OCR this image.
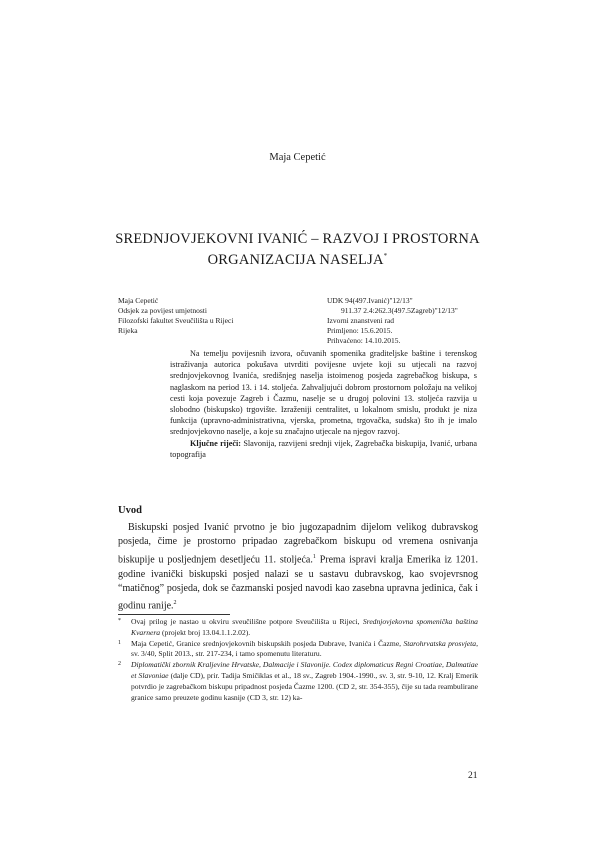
Maja Cepetić
SREDNJOVJEKOVNI IVANIĆ – RAZVOJ I PROSTORNA
ORGANIZACIJA NASELJA*
Maja Cepetić
Odsjek za povijest umjetnosti
Filozofski fakultet Sveučilišta u Rijeci
Rijeka
UDK 94(497.Ivanić)"12/13"
911.37 2.4:262.3(497.5Zagreb)"12/13"
Izvorni znanstveni rad
Primljeno: 15.6.2015.
Prihvaćeno: 14.10.2015.

Na temelju povijesnih izvora, očuvanih spomenika graditeljske baštine i terenskog istraživanja autorica pokušava utvrditi povijesne uvjete koji su utjecali na razvoj srednjovjekovnog Ivanića, središnjeg naselja istoimenog posjeda zagrebačkog biskupa, s naglaskom na period 13. i 14. stoljeća. Zahvaljujući dobrom prostornom položaju na velikoj cesti koja povezuje Zagreb i Čazmu, naselje se u drugoj polovini 13. stoljeća razvija u slobodno (biskupsko) trgovište. Izraženiji centralitet, u lokalnom smislu, produkt je niza funkcija (upravno-administrativna, vjerska, prometna, trgovačka, sudska) što ih je imalo srednjovjekovno naselje, a koje su značajno utjecale na njegov razvoj.

Ključne riječi: Slavonija, razvijeni srednji vijek, Zagrebačka biskupija, Ivanić, urbana topografija
Uvod

Biskupski posjed Ivanić prvotno je bio jugozapadnim dijelom velikog dubravskog posjeda, čime je prostorno pripadao zagrebačkom biskupu od vremena osnivanja biskupije u posljednjem desetljeću 11. stoljeća.$^1$ Prema ispravi kralja Emerika iz 1201. godine ivanički biskupski posjed nalazi se u sastavu dubravskog, kao svojevrsnog “matičnog” posjeda, dok se čazmanski posjed navodi kao zasebna upravna jedinica, čak i godinu ranije.$^2$

* Ovaj prilog je nastao u okviru sveučilišne potpore Sveučilišta u Rijeci, Srednjovjekovna spomenička baština Kvarnera (projekt broj 13.04.1.1.2.02).

1 Maja Cepetić, Granice srednjovjekovnih biskupskih posjeda Dubrave, Ivanića i Čazme, Starohrvatska prosvjeta, sv. 3/40, Split 2013., str. 217-234, i tamo spomenutu literaturu.

2 Diplomatički zbornik Kraljevine Hrvatske, Dalmacije i Slavonije. Codex diplomaticus Regni Croatiae, Dalmatiae et Slavoniae (dalje CD), prir. Tadija Smičiklas et al., 18 sv., Zagreb 1904.-1990., sv. 3, str. 9-10, 12. Kralj Emerik potvrdio je zagrebačkom biskupu pripadnost posjeda Čazme 1200. (CD 2, str. 354-355), čije su tada reambulirane granice samo preuzete godinu kasnije (CD 3, str. 12) ka-

21
